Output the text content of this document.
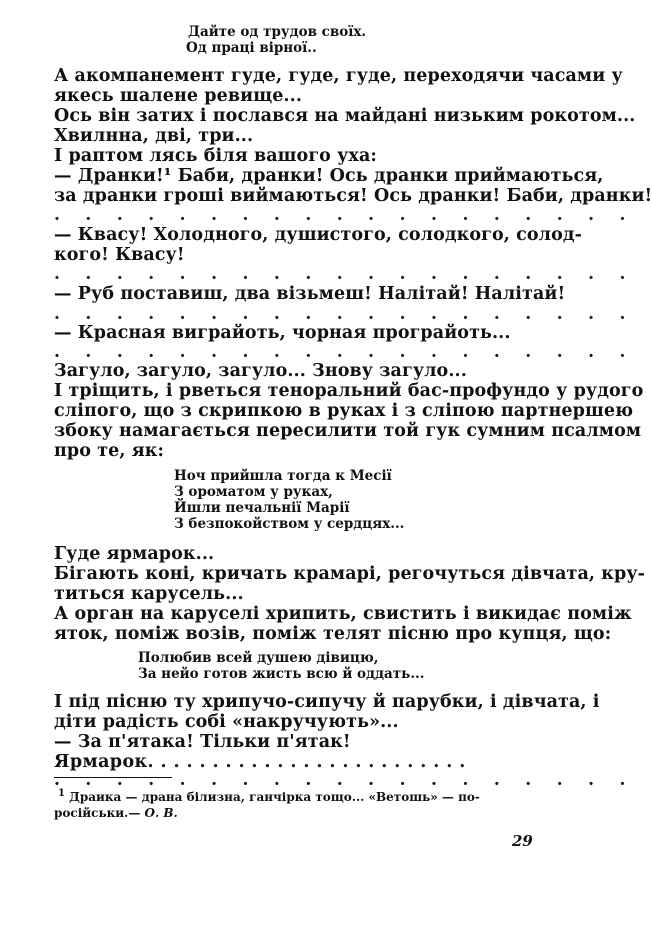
Дайте од трудов своїх.
Од праці вірної..
А акомпанемент гуде, гуде, гуде, переходячи часами у
якесь шалене ревище...
Ось він затих і послався на майдані низьким рокотом...
Хвилнна, дві, три...
І раптом лясь біля вашого уха:
— Дранки!¹ Баби, дранки! Ось дранки приймаються,
за дранки гроші виймаються! Ось дранки! Баби, дранки!
...................
— Квасу! Холодного, душистого, солодкого, солод-
кого! Квасу!
...................
— Руб поставиш, два візьмеш! Налітай! Налітай!
...................
— Красная виграйоть, чорная програйоть...
...................
Загуло, загуло, загуло... Знову загуло...
І тріщить, і рветься тенoральний бас-профундо у рудого
сліпого, що з скрипкою в руках і з сліпою партнершею
збоку намагається пересилити той гук сумним псалмом
про те, як:
Ноч прийшла тогда к Месії
З оромaтом у руках,
Йшли печальнії Марії
З безпокойством у сердцях...
Гуде ярмарок...
Бігають коні, кричать крамарі, регочуться дівчата, кру-
титься карусель...
А орган на каруселі хрипить, свистить і викидає поміж
яток, поміж возів, поміж телят пісню про купця, що:
Полюбив всей душею дівицю,
За нейо готов жисть всю й оддать...
І під пісню ту хрипучо-сипучу й парубки, і дівчата, і
діти радість собі «накручують»...
— За п'ятака! Тільки п'ятак!
Ярмарок. . . . . . . . . . . . . . . . . . . . . . . . .
...................
$^1$ Драика — драна білизна, ганчірка тощо... «Ветошь» — по-
російськи.— О. В.
29
